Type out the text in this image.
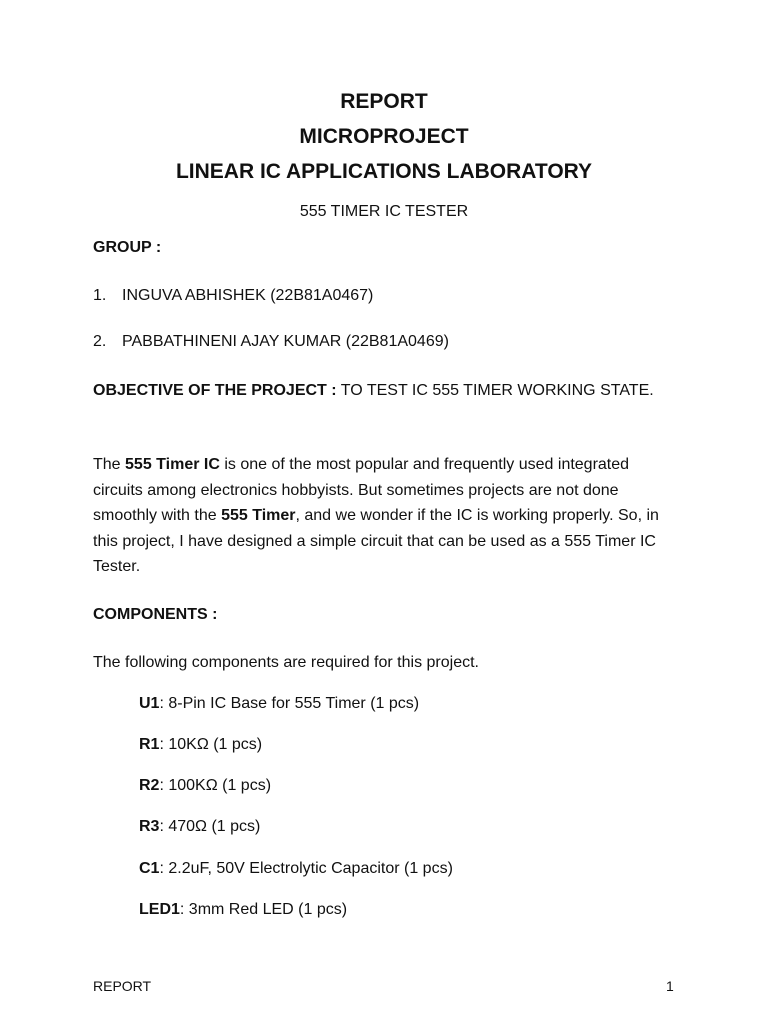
REPORT
MICROPROJECT
LINEAR IC APPLICATIONS LABORATORY
555 TIMER IC TESTER
GROUP :
1. INGUVA ABHISHEK (22B81A0467)
2. PABBATHINENI AJAY KUMAR (22B81A0469)
OBJECTIVE OF THE PROJECT : TO TEST IC 555 TIMER WORKING STATE.
The 555 Timer IC is one of the most popular and frequently used integrated circuits among electronics hobbyists. But sometimes projects are not done smoothly with the 555 Timer, and we wonder if the IC is working properly. So, in this project, I have designed a simple circuit that can be used as a 555 Timer IC Tester.
COMPONENTS :
The following components are required for this project.
U1: 8-Pin IC Base for 555 Timer (1 pcs)
R1: 10KΩ (1 pcs)
R2: 100KΩ (1 pcs)
R3: 470Ω (1 pcs)
C1: 2.2uF, 50V Electrolytic Capacitor (1 pcs)
LED1: 3mm Red LED (1 pcs)
REPORT	1
